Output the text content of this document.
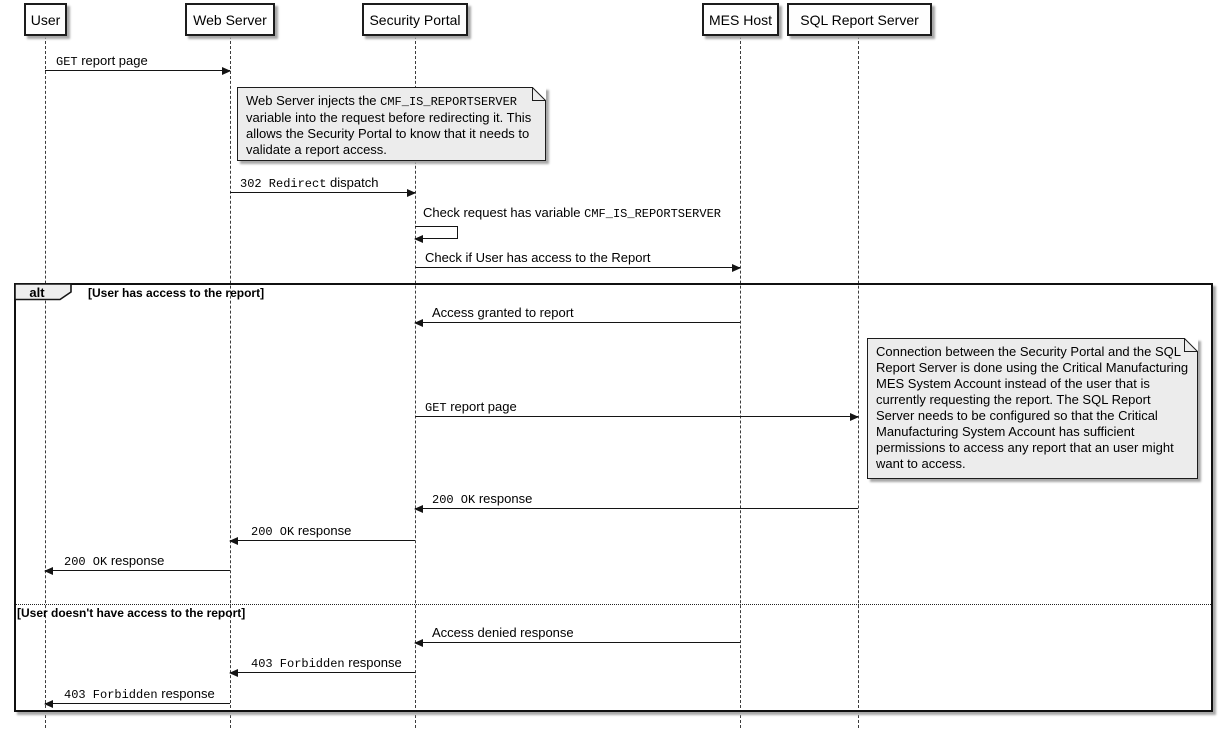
User	Web Server	Security Portal	MES Host SQL Report Server
GET report page
Web Server injects the CMF_IS_REPORTSERVER variable into the request before redirecting it. This allows the Security Portal to know that it needs to validate a report access.
302 Redirect dispatch
Check request has variable CMF_IS_REPORTSERVER
Check if User has access to the Report
alt	[User has access to the report]
Access granted to report
Connection between the Security Portal and the SQL Report Server is done using the Critical Manufacturing MES System Account instead of the user that is currently requesting the report. The SQL Report Server needs to be configured so that the Critical Manufacturing System Account has sufficient permissions to access any report that an user might want to access.
GET report page
200 OK response
200 OK response
200 OK response
[User doesn't have access to the report]
Access denied response
403 Forbidden response
403 Forbidden response
